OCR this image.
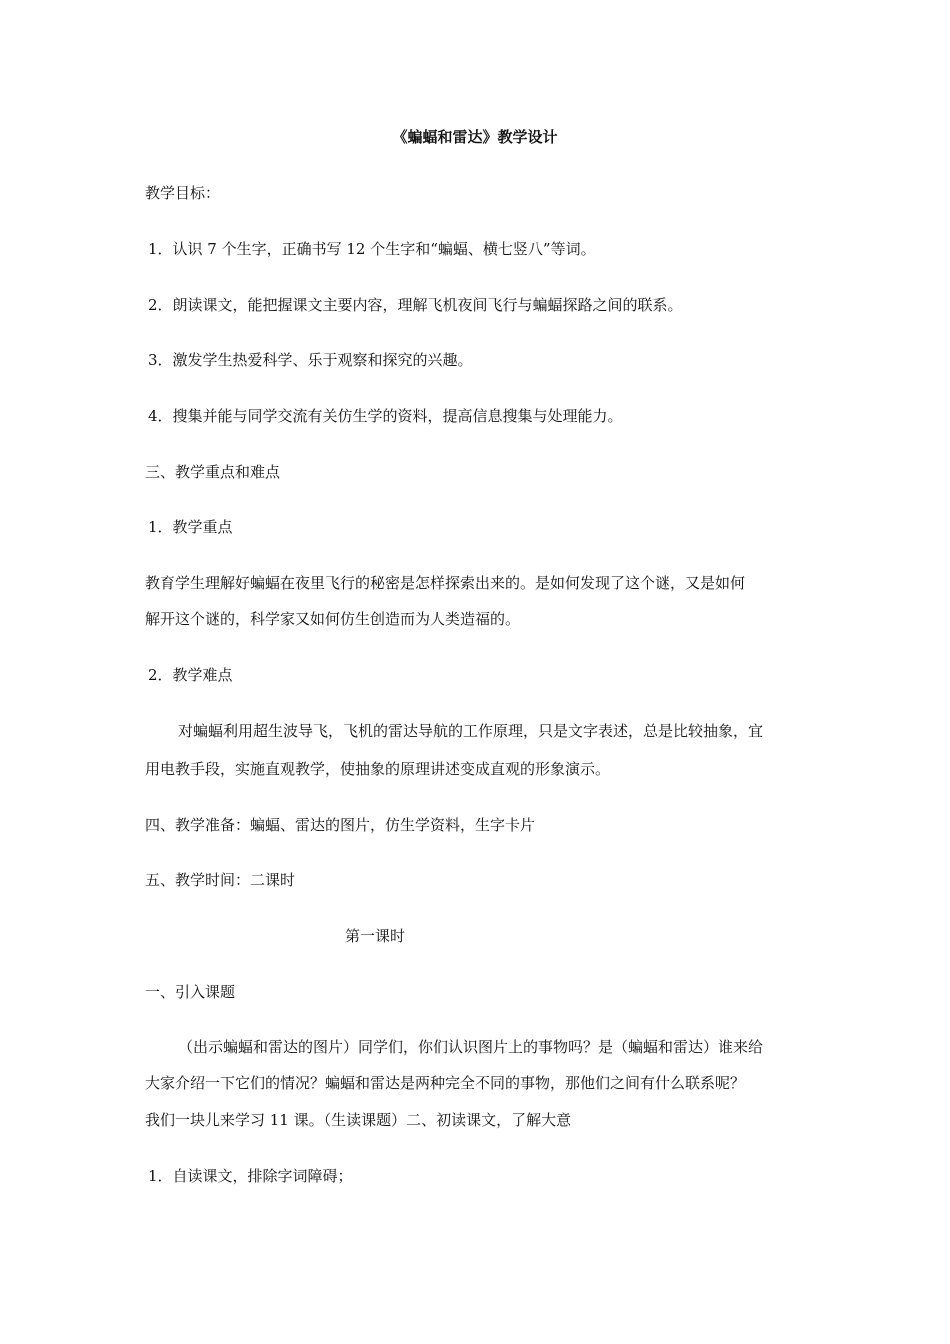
《蝙蝠和雷达》教学设计
教学目标：
1．认识 7 个生字，正确书写 12 个生字和“蝙蝠、横七竖八”等词。
2．朗读课文，能把握课文主要内容，理解飞机夜间飞行与蝙蝠探路之间的联系。
3．激发学生热爱科学、乐于观察和探究的兴趣。
4．搜集并能与同学交流有关仿生学的资料，提高信息搜集与处理能力。
三、教学重点和难点
1．教学重点
教育学生理解好蝙蝠在夜里飞行的秘密是怎样探索出来的。是如何发现了这个谜，又是如何
解开这个谜的，科学家又如何仿生创造而为人类造福的。
2．教学难点
对蝙蝠利用超生波导飞，飞机的雷达导航的工作原理，只是文字表述，总是比较抽象，宜
用电教手段，实施直观教学，使抽象的原理讲述变成直观的形象演示。
四、教学准备：蝙蝠、雷达的图片，仿生学资料，生字卡片
五、教学时间：二课时
第一课时
一、引入课题
（出示蝙蝠和雷达的图片）同学们，你们认识图片上的事物吗？是（蝙蝠和雷达）谁来给
大家介绍一下它们的情况？蝙蝠和雷达是两种完全不同的事物，那他们之间有什么联系呢？
我们一块儿来学习 11 课。（生读课题）二、初读课文，了解大意
1．自读课文，排除字词障碍；
